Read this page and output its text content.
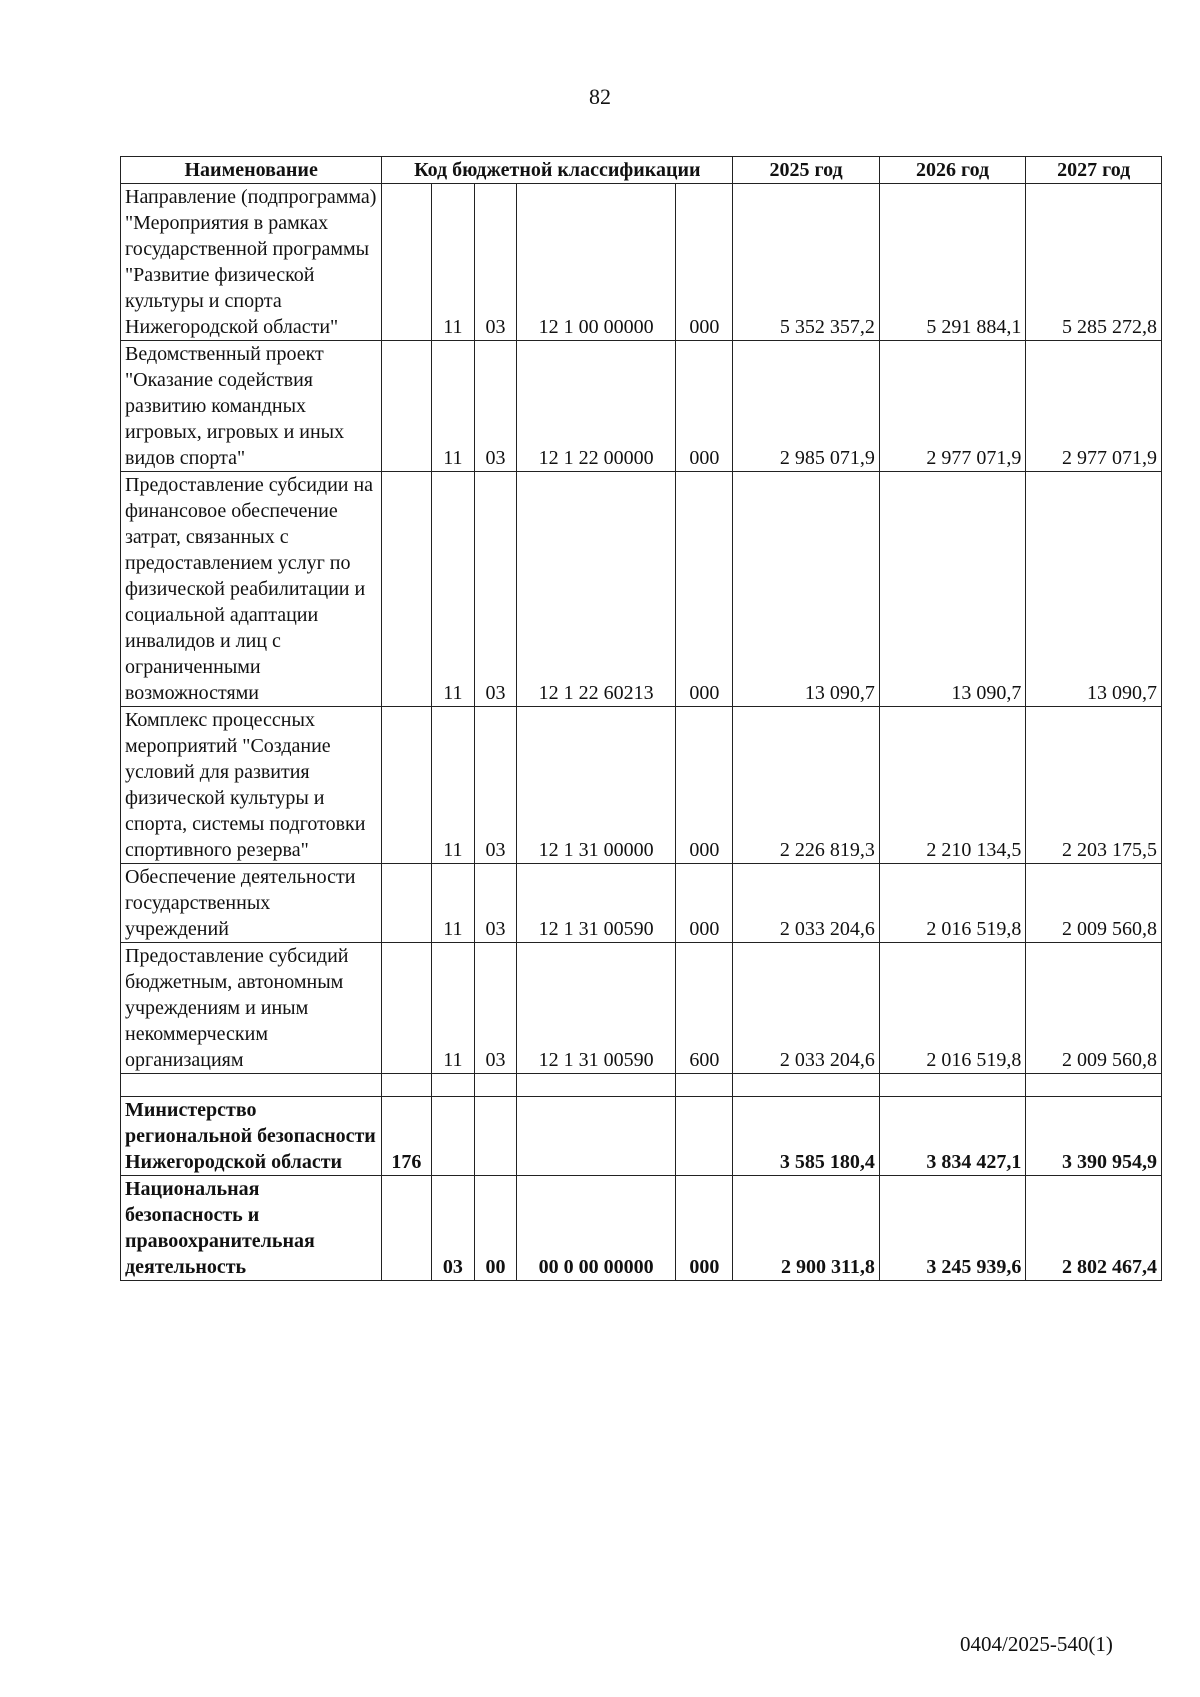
82
Наименование	Код бюджетной классификации					2025 год	2026 год	2027 год
Направление (подпрограмма) "Мероприятия в рамках государственной программы "Развитие физической культуры и спорта Нижегородской области"		11	03	12 1 00 00000	000	5 352 357,2	5 291 884,1	5 285 272,8
Ведомственный проект "Оказание содействия развитию командных игровых, игровых и иных видов спорта"		11	03	12 1 22 00000	000	2 985 071,9	2 977 071,9	2 977 071,9
Предоставление субсидии на финансовое обеспечение затрат, связанных с предоставлением услуг по физической реабилитации и социальной адаптации инвалидов и лиц с ограниченными возможностями		11	03	12 1 22 60213	000	13 090,7	13 090,7	13 090,7
Комплекс процессных мероприятий "Создание условий для развития физической культуры и спорта, системы подготовки спортивного резерва"		11	03	12 1 31 00000	000	2 226 819,3	2 210 134,5	2 203 175,5
Обеспечение деятельности государственных учреждений		11	03	12 1 31 00590	000	2 033 204,6	2 016 519,8	2 009 560,8
Предоставление субсидий бюджетным, автономным учреждениям и иным некоммерческим организациям		11	03	12 1 31 00590	600	2 033 204,6	2 016 519,8	2 009 560,8

Министерство региональной безопасности Нижегородской области	176					3 585 180,4	3 834 427,1	3 390 954,9
Национальная безопасность и правоохранительная деятельность		03	00	00 0 00 00000	000	2 900 311,8	3 245 939,6	2 802 467,4
0404/2025-540(1)
